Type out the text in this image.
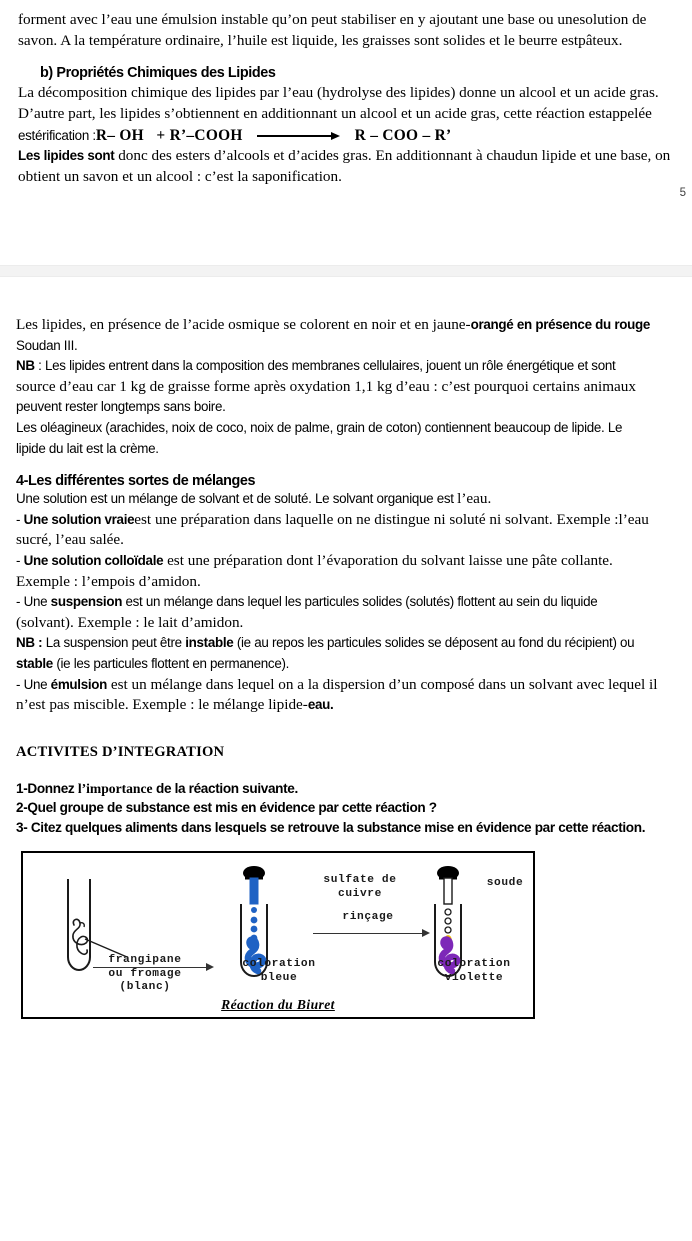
forment avec l’eau une émulsion instable qu’on peut stabiliser en y ajoutant une base ou unesolution de savon. A la température ordinaire, l’huile est liquide, les graisses sont solides et le beurre estpâteux.

b) Propriétés Chimiques des Lipides

La décomposition chimique des lipides par l’eau (hydrolyse des lipides) donne un alcool et un acide gras. D’autre part, les lipides s’obtiennent en additionnant un alcool et un acide gras, cette réaction estappelée

estérification : R– OH   + R’–COOH	R – COO – R’

Les lipides sont donc des esters d’alcools et d’acides gras. En additionnant à chaudun lipide et une base, on obtient un savon et un alcool : c’est la saponification.

5

Les lipides, en présence de l’acide osmique se colorent en noir et en jaune-orangé en présence du rouge

Soudan III.

NB : Les lipides entrent dans la composition des membranes cellulaires, jouent un rôle énergétique et sont

source d’eau car 1 kg de graisse forme après oxydation 1,1 kg d’eau : c’est pourquoi certains animaux

peuvent rester longtemps sans boire.

Les oléagineux (arachides, noix de coco, noix de palme, grain de coton) contiennent beaucoup de lipide. Le

lipide du lait est la crème.

4-Les différentes sortes de mélanges

Une solution est un mélange de solvant et de soluté. Le solvant organique est l’eau.

- Une solution vraieest une préparation dans laquelle on ne distingue ni soluté ni solvant. Exemple :l’eau

sucré, l’eau salée.

- Une solution colloïdale est une préparation dont l’évaporation du solvant laisse une pâte collante.

Exemple : l’empois d’amidon.

- Une suspension est un mélange dans lequel les particules solides (solutés) flottent au sein du liquide

(solvant). Exemple : le lait d’amidon.

NB : La suspension peut être instable (ie au repos les particules solides se déposent au fond du récipient) ou

stable (ie les particules flottent en permanence).

- Une émulsion est un mélange dans lequel on a la dispersion d’un composé dans un solvant avec lequel il

n’est pas miscible. Exemple : le mélange lipide-eau.

ACTIVITES D’INTEGRATION

1-Donnez l’importance de la réaction suivante.

2-Quel groupe de substance est mis en évidence par cette réaction ?

3- Citez quelques aliments dans lesquels se retrouve la substance mise en évidence par cette réaction.

frangipane
ou fromage
(blanc)
sulfate de
cuivre
coloration
bleue
rinçage
soude
coloration
violette
Réaction du Biuret
